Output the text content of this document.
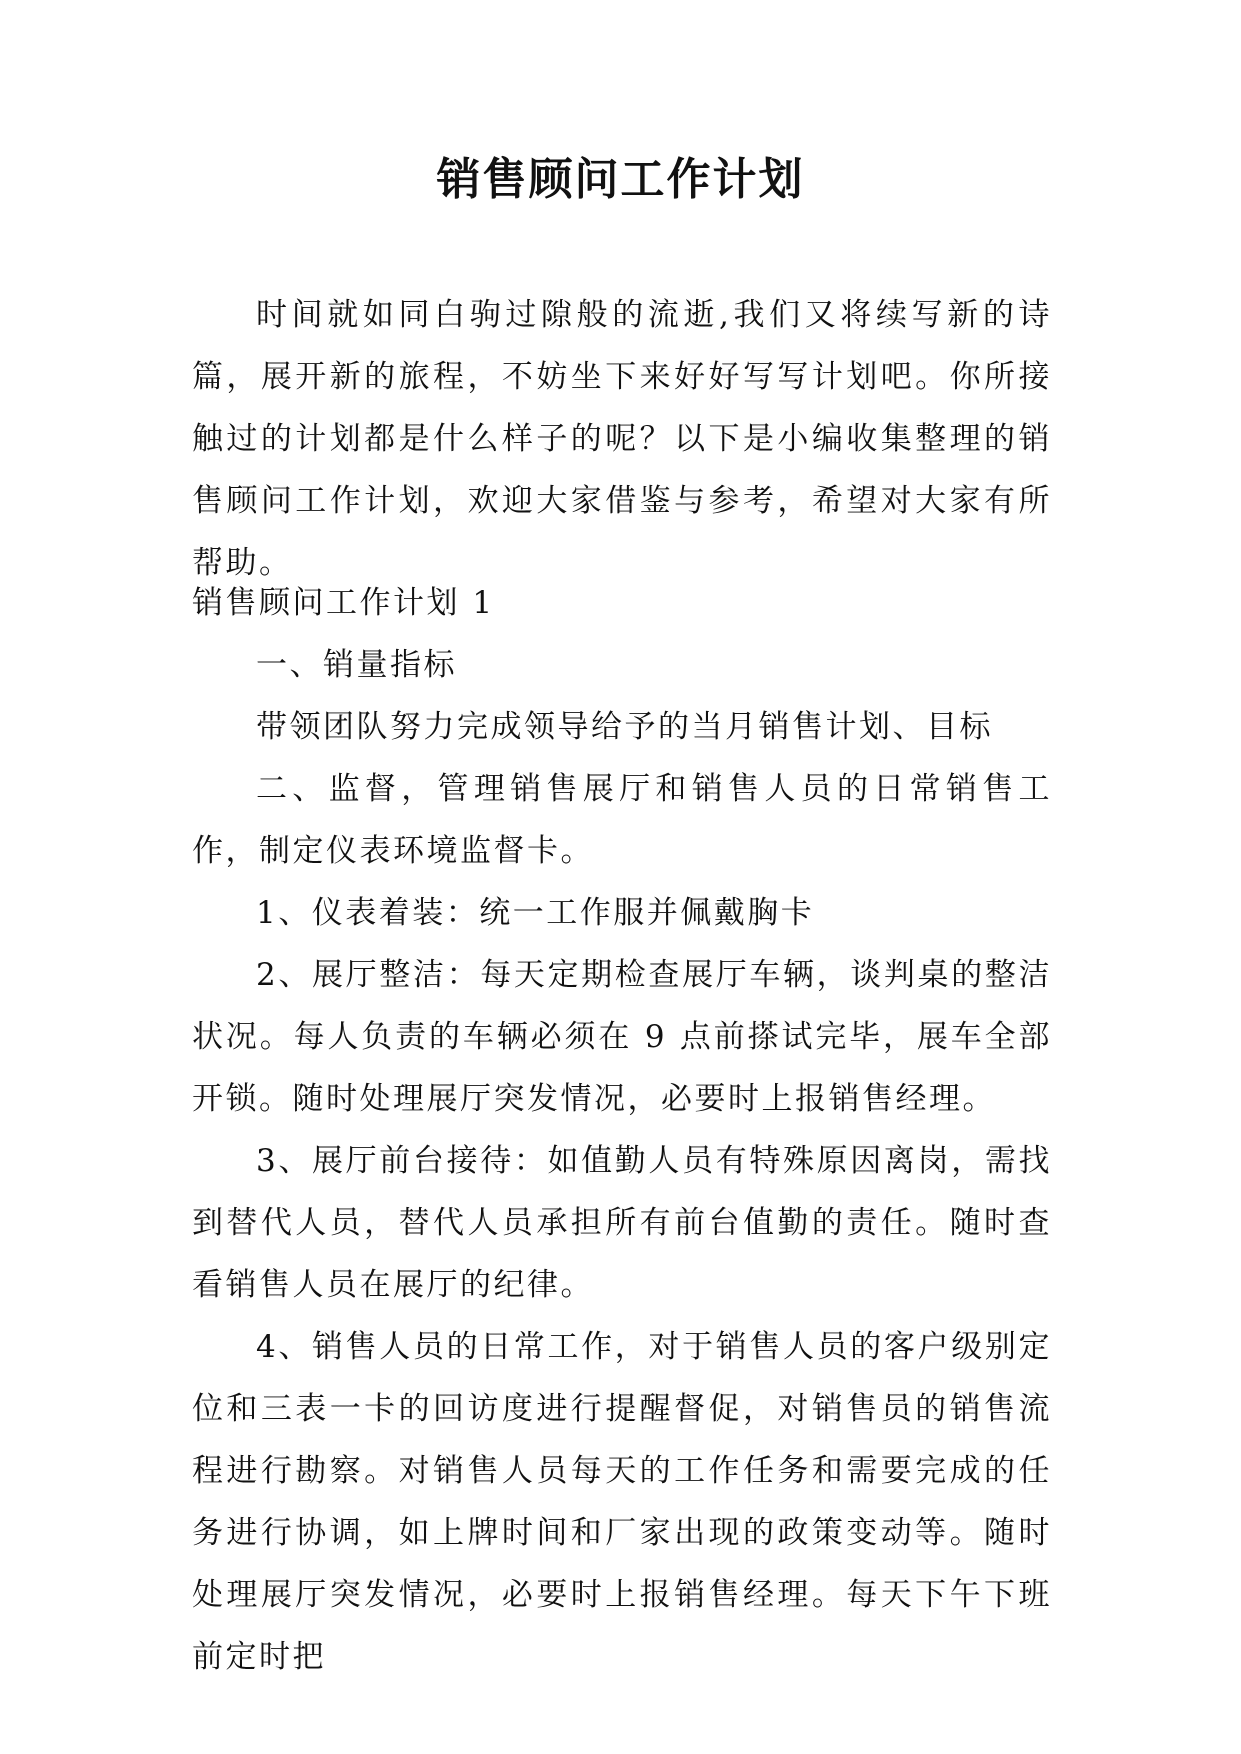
销售顾问工作计划

时间就如同白驹过隙般的流逝,我们又将续写新的诗篇，展开新的旅程，不妨坐下来好好写写计划吧。你所接触过的计划都是什么样子的呢？以下是小编收集整理的销售顾问工作计划，欢迎大家借鉴与参考，希望对大家有所帮助。

销售顾问工作计划 1

一、销量指标

带领团队努力完成领导给予的当月销售计划、目标

二、监督，管理销售展厅和销售人员的日常销售工作，制定仪表环境监督卡。

1、仪表着装：统一工作服并佩戴胸卡

2、展厅整洁：每天定期检查展厅车辆，谈判桌的整洁状况。每人负责的车辆必须在 9 点前搽试完毕，展车全部开锁。随时处理展厅突发情况，必要时上报销售经理。

3、展厅前台接待：如值勤人员有特殊原因离岗，需找到替代人员，替代人员承担所有前台值勤的责任。随时查看销售人员在展厅的纪律。

4、销售人员的日常工作，对于销售人员的客户级别定位和三表一卡的回访度进行提醒督促，对销售员的销售流程进行勘察。对销售人员每天的工作任务和需要完成的任务进行协调，如上牌时间和厂家出现的政策变动等。随时处理展厅突发情况，必要时上报销售经理。每天下午下班前定时把
